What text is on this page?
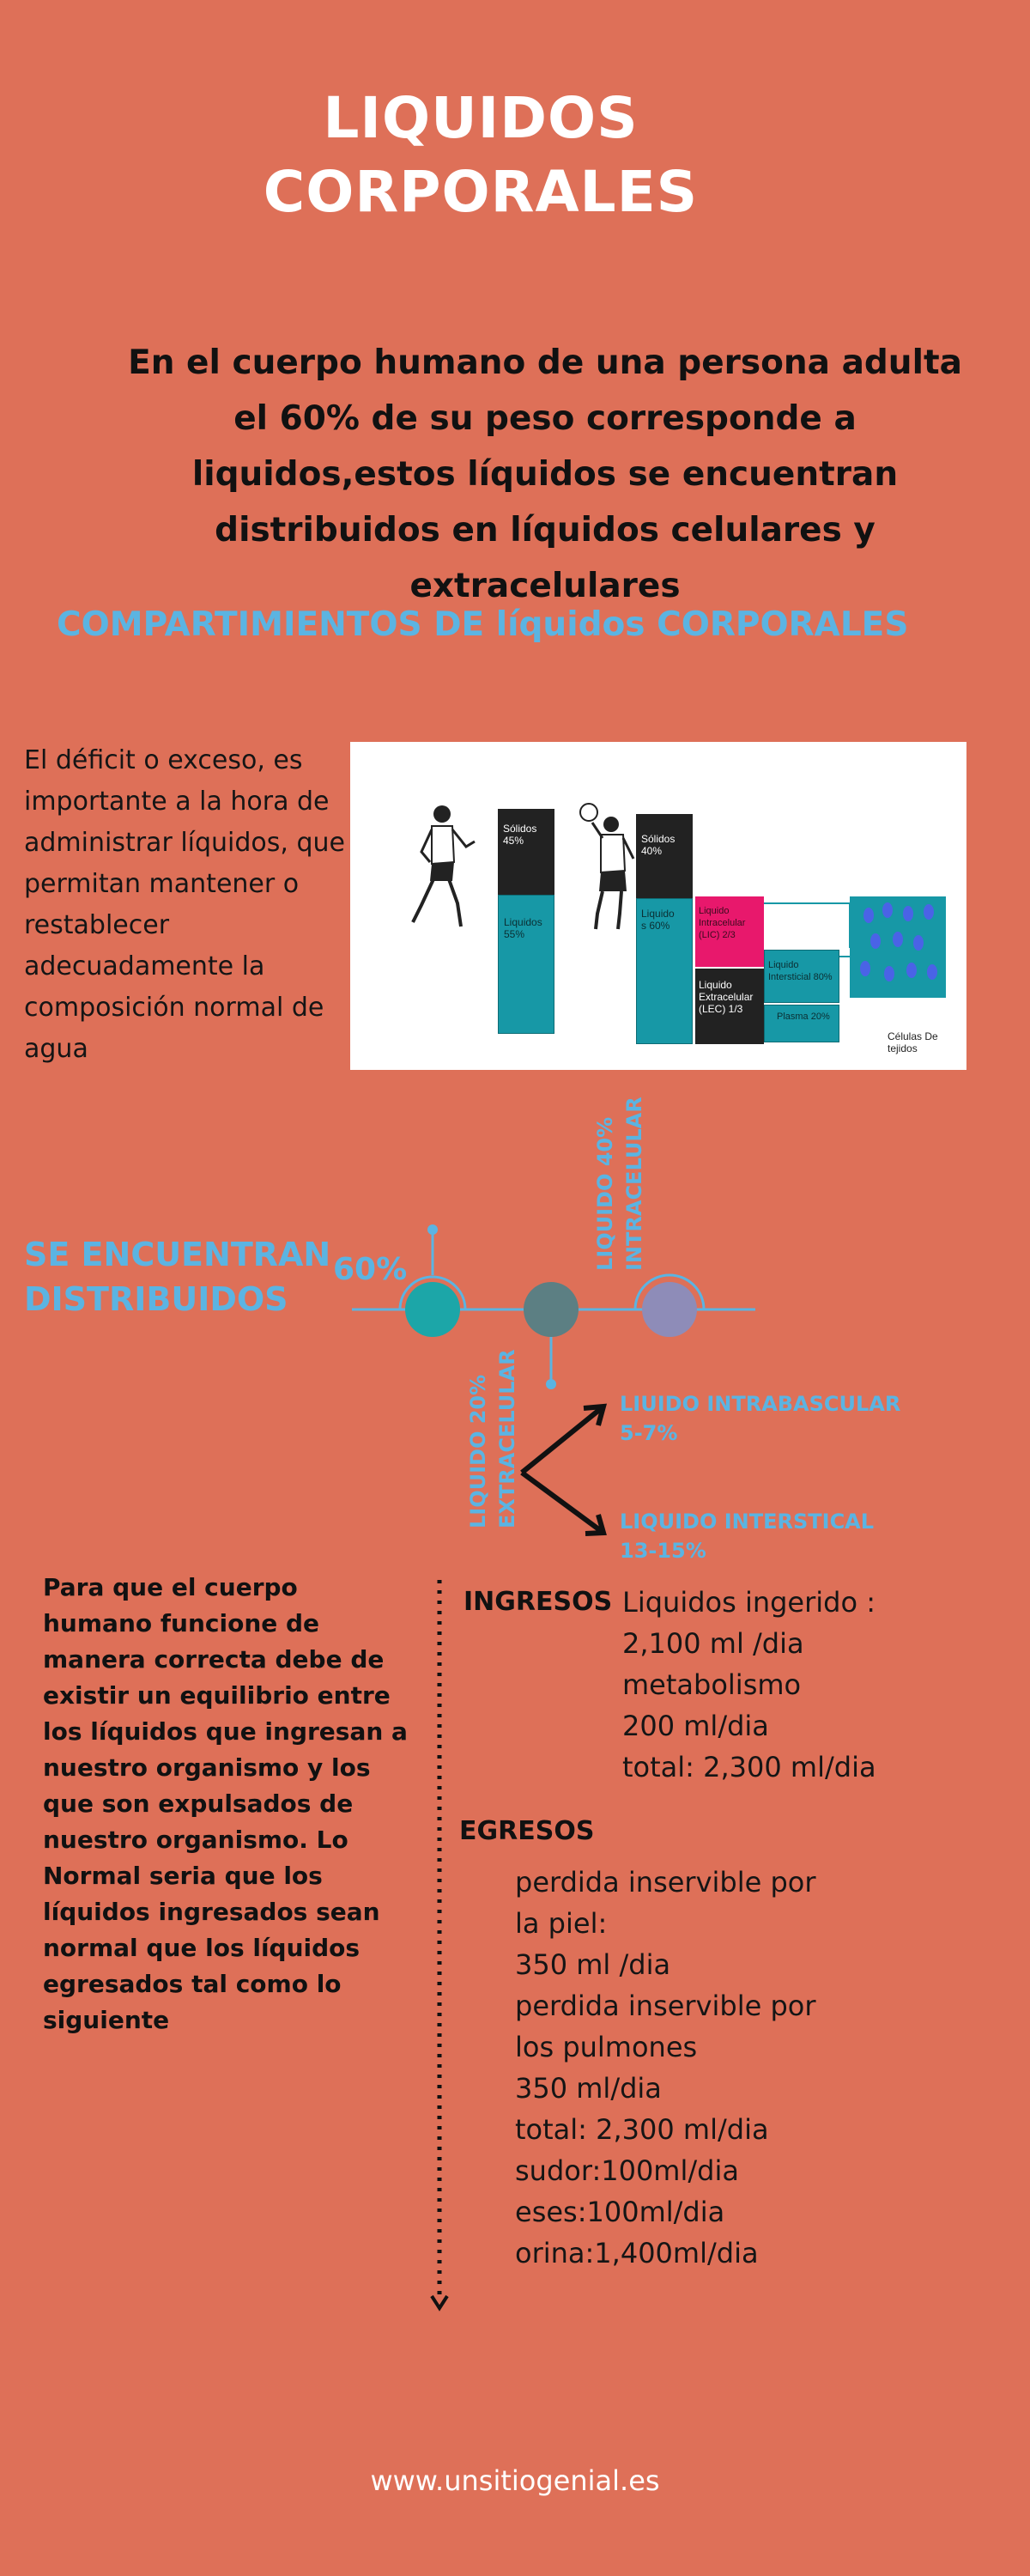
LIQUIDOS
CORPORALES
En el cuerpo humano de una persona adulta el 60% de su peso corresponde a liquidos,estos líquidos se encuentran distribuidos en líquidos celulares y extracelulares
COMPARTIMIENTOS DE líquidos CORPORALES
El déficit o exceso, es importante a la hora de administrar líquidos, que permitan mantener o restablecer adecuadamente la composición normal de agua
Sólidos 45%
Liquidos 55%
Sólidos 40%
Liquido s 60%
Liquido Intracelular (LIC) 2/3
Liquido Extracelular (LEC) 1/3
Liquido Intersticial 80%
Plasma 20%
Células De tejidos
SE ENCUENTRAN
DISTRIBUIDOS
60%	LIQUIDO 40% INTRACELULAR
LIQUIDO 20% EXTRACELULAR	LIUIDO INTRABASCULAR
5-7%
LIQUIDO INTERSTICAL
13-15%
Para que el cuerpo humano funcione de manera correcta debe de existir un equilibrio entre los líquidos que ingresan a nuestro organismo y los que son expulsados de nuestro organismo. Lo Normal seria que los líquidos ingresados sean normal que los líquidos egresados tal como lo siguiente
INGRESOS Liquidos ingerido :
2,100 ml /dia
metabolismo
200 ml/dia
total: 2,300 ml/dia
EGRESOS
perdida inservible por
la piel:
350 ml /dia
perdida inservible por
los pulmones
350 ml/dia
total: 2,300 ml/dia
sudor:100ml/dia
eses:100ml/dia
orina:1,400ml/dia
www.unsitiogenial.es
